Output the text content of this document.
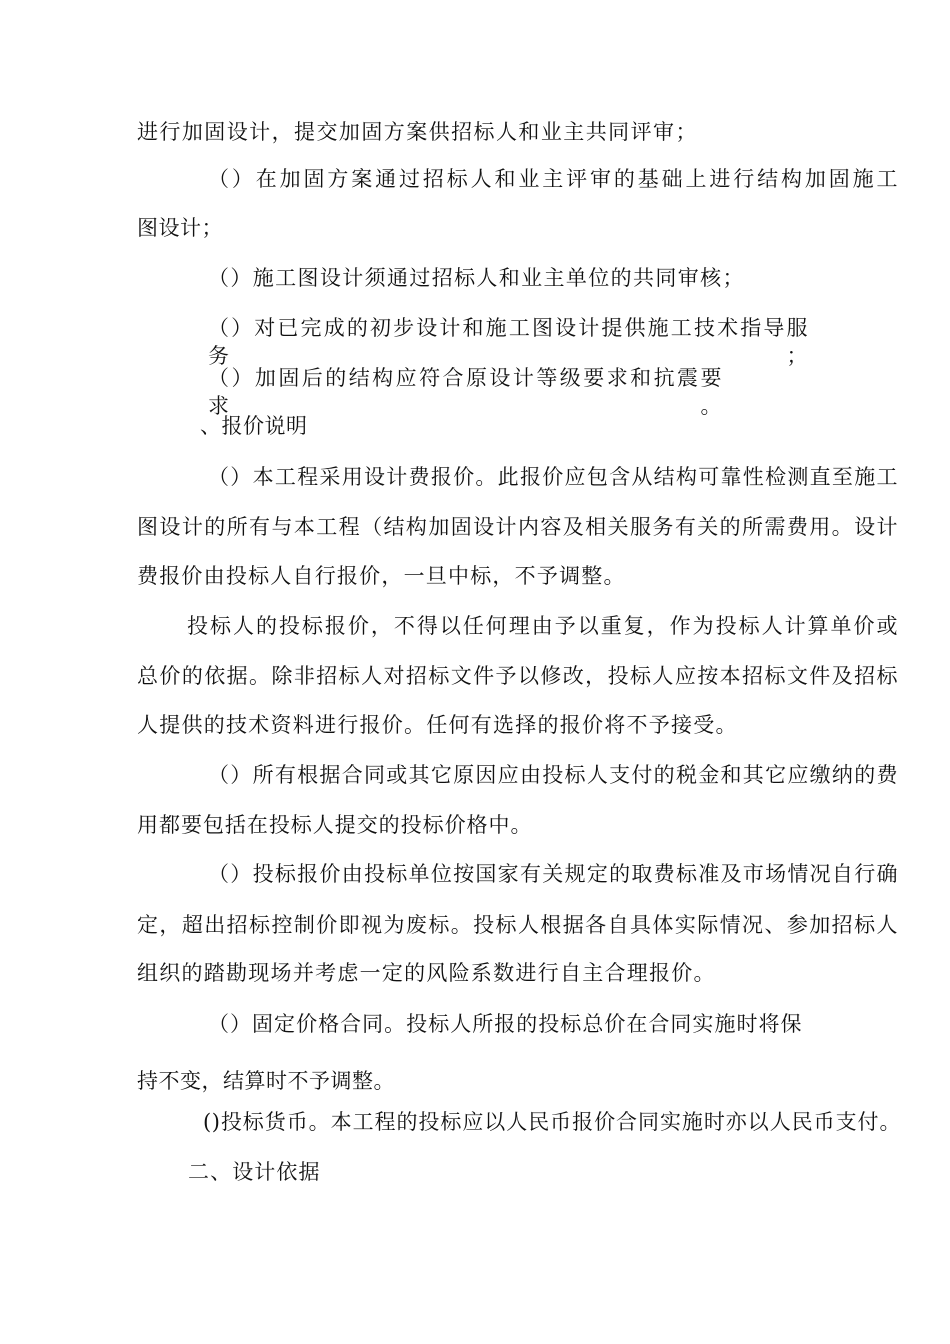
进行加固设计，提交加固方案供招标人和业主共同评审；
（）在加固方案通过招标人和业主评审的基础上进行结构加固施工
图设计；
（）施工图设计须通过招标人和业主单位的共同审核；
（）对已完成的初步设计和施工图设计提供施工技术指导服务；
（）加固后的结构应符合原设计等级要求和抗震要求。
、报价说明
（）本工程采用设计费报价。此报价应包含从结构可靠性检测直至施工
图设计的所有与本工程（结构加固设计内容及相关服务有关的所需费用。设计
费报价由投标人自行报价，一旦中标，不予调整。
投标人的投标报价，不得以任何理由予以重复，作为投标人计算单价或
总价的依据。除非招标人对招标文件予以修改，投标人应按本招标文件及招标
人提供的技术资料进行报价。任何有选择的报价将不予接受。
（）所有根据合同或其它原因应由投标人支付的税金和其它应缴纳的费
用都要包括在投标人提交的投标价格中。
（）投标报价由投标单位按国家有关规定的取费标准及市场情况自行确
定，超出招标控制价即视为废标。投标人根据各自具体实际情况、参加招标人
组织的踏勘现场并考虑一定的风险系数进行自主合理报价。
（）固定价格合同。投标人所报的投标总价在合同实施时将保
持不变，结算时不予调整。
()投标货币。本工程的投标应以人民币报价合同实施时亦以人民币支付。
二、设计依据
